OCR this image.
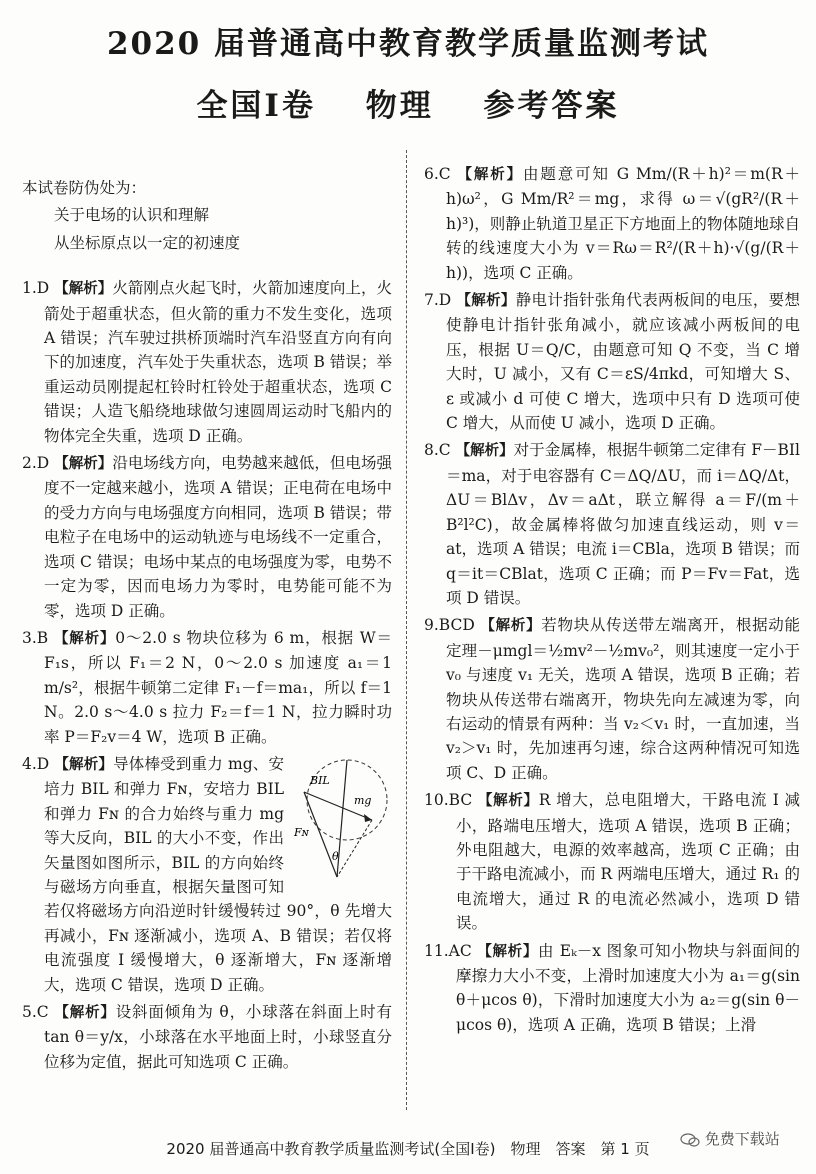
2020 届普通高中教育教学质量监测考试
全国Ⅰ卷 物理 参考答案

本试卷防伪处为：

关于电场的认识和理解

从坐标原点以一定的初速度

1.D 【解析】火箭刚点火起飞时，火箭加速度向上，火箭处于超重状态，但火箭的重力不发生变化，选项 A 错误；汽车驶过拱桥顶端时汽车沿竖直方向有向下的加速度，汽车处于失重状态，选项 B 错误；举重运动员刚提起杠铃时杠铃处于超重状态，选项 C 错误；人造飞船绕地球做匀速圆周运动时飞船内的物体完全失重，选项 D 正确。

2.D 【解析】沿电场线方向，电势越来越低，但电场强度不一定越来越小，选项 A 错误；正电荷在电场中的受力方向与电场强度方向相同，选项 B 错误；带电粒子在电场中的运动轨迹与电场线不一定重合，选项 C 错误；电场中某点的电场强度为零，电势不一定为零，因而电场力为零时，电势能可能不为零，选项 D 正确。

3.B 【解析】0～2.0 s 物块位移为 6 m，根据 W＝F₁s，所以 F₁＝2 N，0～2.0 s 加速度 a₁＝1 m/s²，根据牛顿第二定律 F₁－f＝ma₁，所以 f＝1 N。2.0 s～4.0 s 拉力 F₂＝f＝1 N，拉力瞬时功率 P＝F₂v＝4 W，选项 B 正确。

BIL
mg
Fɴ
θ
4.D 【解析】导体棒受到重力 mg、安培力 BIL 和弹力 Fɴ，安培力 BIL 和弹力 Fɴ 的合力始终与重力 mg 等大反向，BIL 的大小不变，作出矢量图如图所示，BIL 的方向始终与磁场方向垂直，根据矢量图可知若仅将磁场方向沿逆时针缓慢转过 90°，θ 先增大再减小，Fɴ 逐渐减小，选项 A、B 错误；若仅将电流强度 I 缓慢增大，θ 逐渐增大，Fɴ 逐渐增大，选项 C 错误，选项 D 正确。

5.C 【解析】设斜面倾角为 θ，小球落在斜面上时有 tan θ＝y/x，小球落在水平地面上时，小球竖直分位移为定值，据此可知选项 C 正确。

6.C 【解析】由题意可知 G Mm/(R＋h)²＝m(R＋h)ω²，G Mm/R²＝mg，求得 ω＝√(gR²/(R＋h)³)，则静止轨道卫星正下方地面上的物体随地球自转的线速度大小为 v＝Rω＝R²/(R＋h)·√(g/(R＋h))，选项 C 正确。

7.D 【解析】静电计指针张角代表两板间的电压，要想使静电计指针张角减小，就应该减小两板间的电压，根据 U＝Q/C，由题意可知 Q 不变，当 C 增大时，U 减小，又有 C＝εS/4πkd，可知增大 S、ε 或减小 d 可使 C 增大，选项中只有 D 选项可使 C 增大，从而使 U 减小，选项 D 正确。

8.C 【解析】对于金属棒，根据牛顿第二定律有 F－BIl＝ma，对于电容器有 C＝ΔQ/ΔU，而 i＝ΔQ/Δt，ΔU＝BlΔv，Δv＝aΔt，联立解得 a＝F/(m＋B²l²C)，故金属棒将做匀加速直线运动，则 v＝at，选项 A 错误；电流 i＝CBla，选项 B 错误；而 q＝it＝CBlat，选项 C 正确；而 P＝Fv＝Fat，选项 D 错误。

9.BCD 【解析】若物块从传送带左端离开，根据动能定理－μmgl＝½mv²－½mv₀²，则其速度一定小于 v₀ 与速度 v₁ 无关，选项 A 错误，选项 B 正确；若物块从传送带右端离开，物块先向左减速为零，向右运动的情景有两种：当 v₂＜v₁ 时，一直加速，当 v₂＞v₁ 时，先加速再匀速，综合这两种情况可知选项 C、D 正确。

10.BC 【解析】R 增大，总电阻增大，干路电流 I 减小，路端电压增大，选项 A 错误，选项 B 正确；外电阻越大，电源的效率越高，选项 C 正确；由于干路电流减小，而 R 两端电压增大，通过 R₁ 的电流增大，通过 R 的电流必然减小，选项 D 错误。

11.AC 【解析】由 Eₖ－x 图象可知小物块与斜面间的摩擦力大小不变，上滑时加速度大小为 a₁＝g(sin θ＋μcos θ)，下滑时加速度大小为 a₂＝g(sin θ－μcos θ)，选项 A 正确，选项 B 错误；上滑

2020 届普通高中教育教学质量监测考试(全国Ⅰ卷)　物理　答案　第 1 页
免费下载站
